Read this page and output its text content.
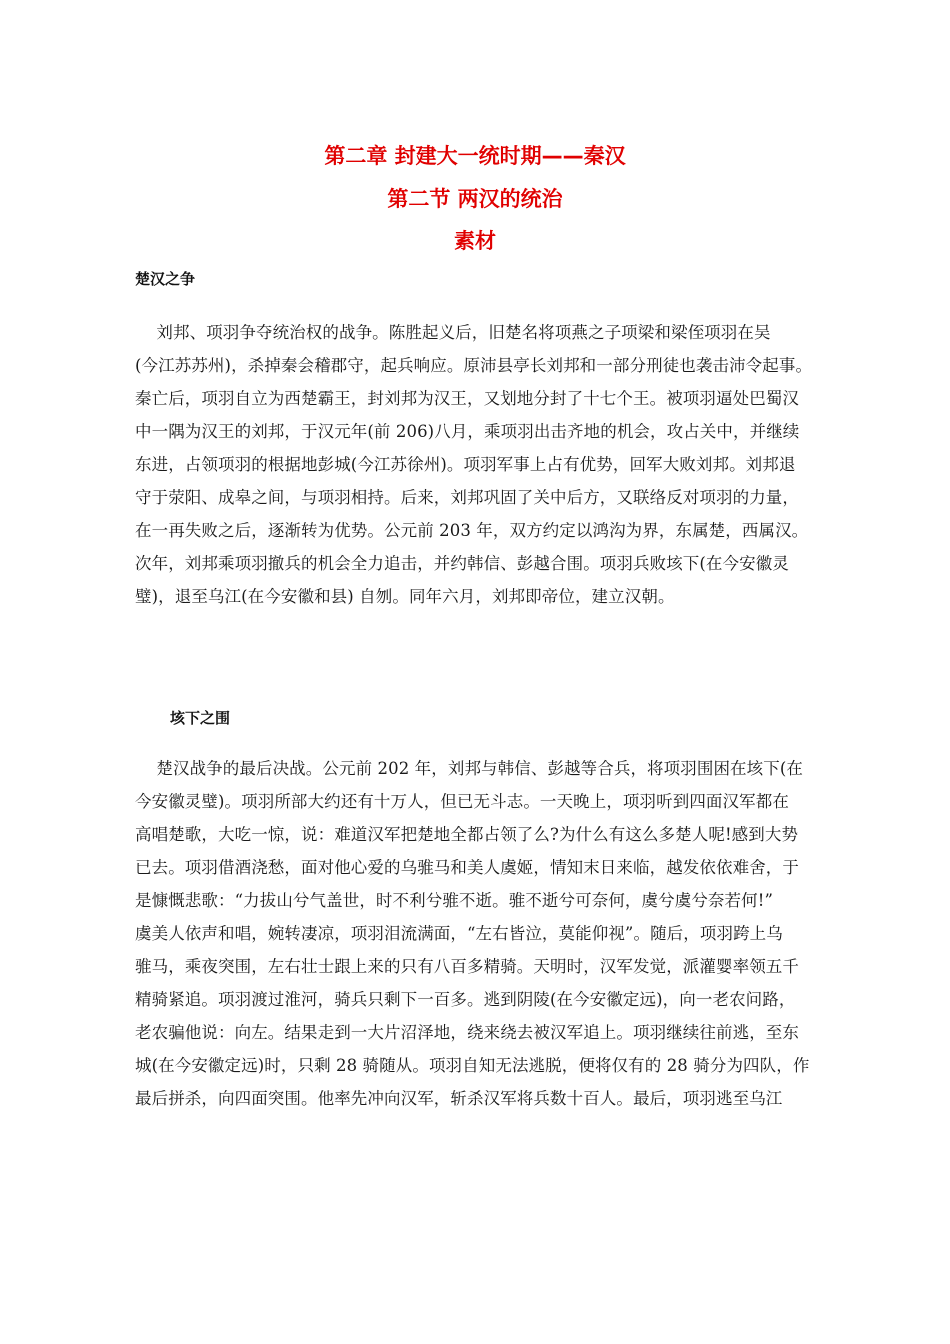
第二章 封建大一统时期——秦汉
第二节 两汉的统治
素材
楚汉之争
刘邦、项羽争夺统治权的战争。陈胜起义后，旧楚名将项燕之子项梁和梁侄项羽在吴
(今江苏苏州)，杀掉秦会稽郡守，起兵响应。原沛县亭长刘邦和一部分刑徒也袭击沛令起事。
秦亡后，项羽自立为西楚霸王，封刘邦为汉王，又划地分封了十七个王。被项羽逼处巴蜀汉
中一隅为汉王的刘邦，于汉元年(前 206)八月，乘项羽出击齐地的机会，攻占关中，并继续
东进，占领项羽的根据地彭城(今江苏徐州)。项羽军事上占有优势，回军大败刘邦。刘邦退
守于荥阳、成皋之间，与项羽相持。后来，刘邦巩固了关中后方，又联络反对项羽的力量，
在一再失败之后，逐渐转为优势。公元前 203 年，双方约定以鸿沟为界，东属楚，西属汉。
次年，刘邦乘项羽撤兵的机会全力追击，并约韩信、彭越合围。项羽兵败垓下(在今安徽灵
璧)，退至乌江(在今安徽和县) 自刎。同年六月，刘邦即帝位，建立汉朝。
垓下之围
楚汉战争的最后决战。公元前 202 年，刘邦与韩信、彭越等合兵，将项羽围困在垓下(在
今安徽灵璧)。项羽所部大约还有十万人，但已无斗志。一天晚上，项羽听到四面汉军都在
高唱楚歌，大吃一惊，说：难道汉军把楚地全都占领了么?为什么有这么多楚人呢!感到大势
已去。项羽借酒浇愁，面对他心爱的乌骓马和美人虞姬，情知末日来临，越发依依难舍，于
是慷慨悲歌：“力拔山兮气盖世，时不利兮骓不逝。骓不逝兮可奈何，虞兮虞兮奈若何!”
虞美人依声和唱，婉转凄凉，项羽泪流满面，“左右皆泣，莫能仰视”。随后，项羽跨上乌
骓马，乘夜突围，左右壮士跟上来的只有八百多精骑。天明时，汉军发觉，派灌婴率领五千
精骑紧追。项羽渡过淮河，骑兵只剩下一百多。逃到阴陵(在今安徽定远)，向一老农问路，
老农骗他说：向左。结果走到一大片沼泽地，绕来绕去被汉军追上。项羽继续往前逃，至东
城(在今安徽定远)时，只剩 28 骑随从。项羽自知无法逃脱，便将仅有的 28 骑分为四队，作
最后拼杀，向四面突围。他率先冲向汉军，斩杀汉军将兵数十百人。最后，项羽逃至乌江
